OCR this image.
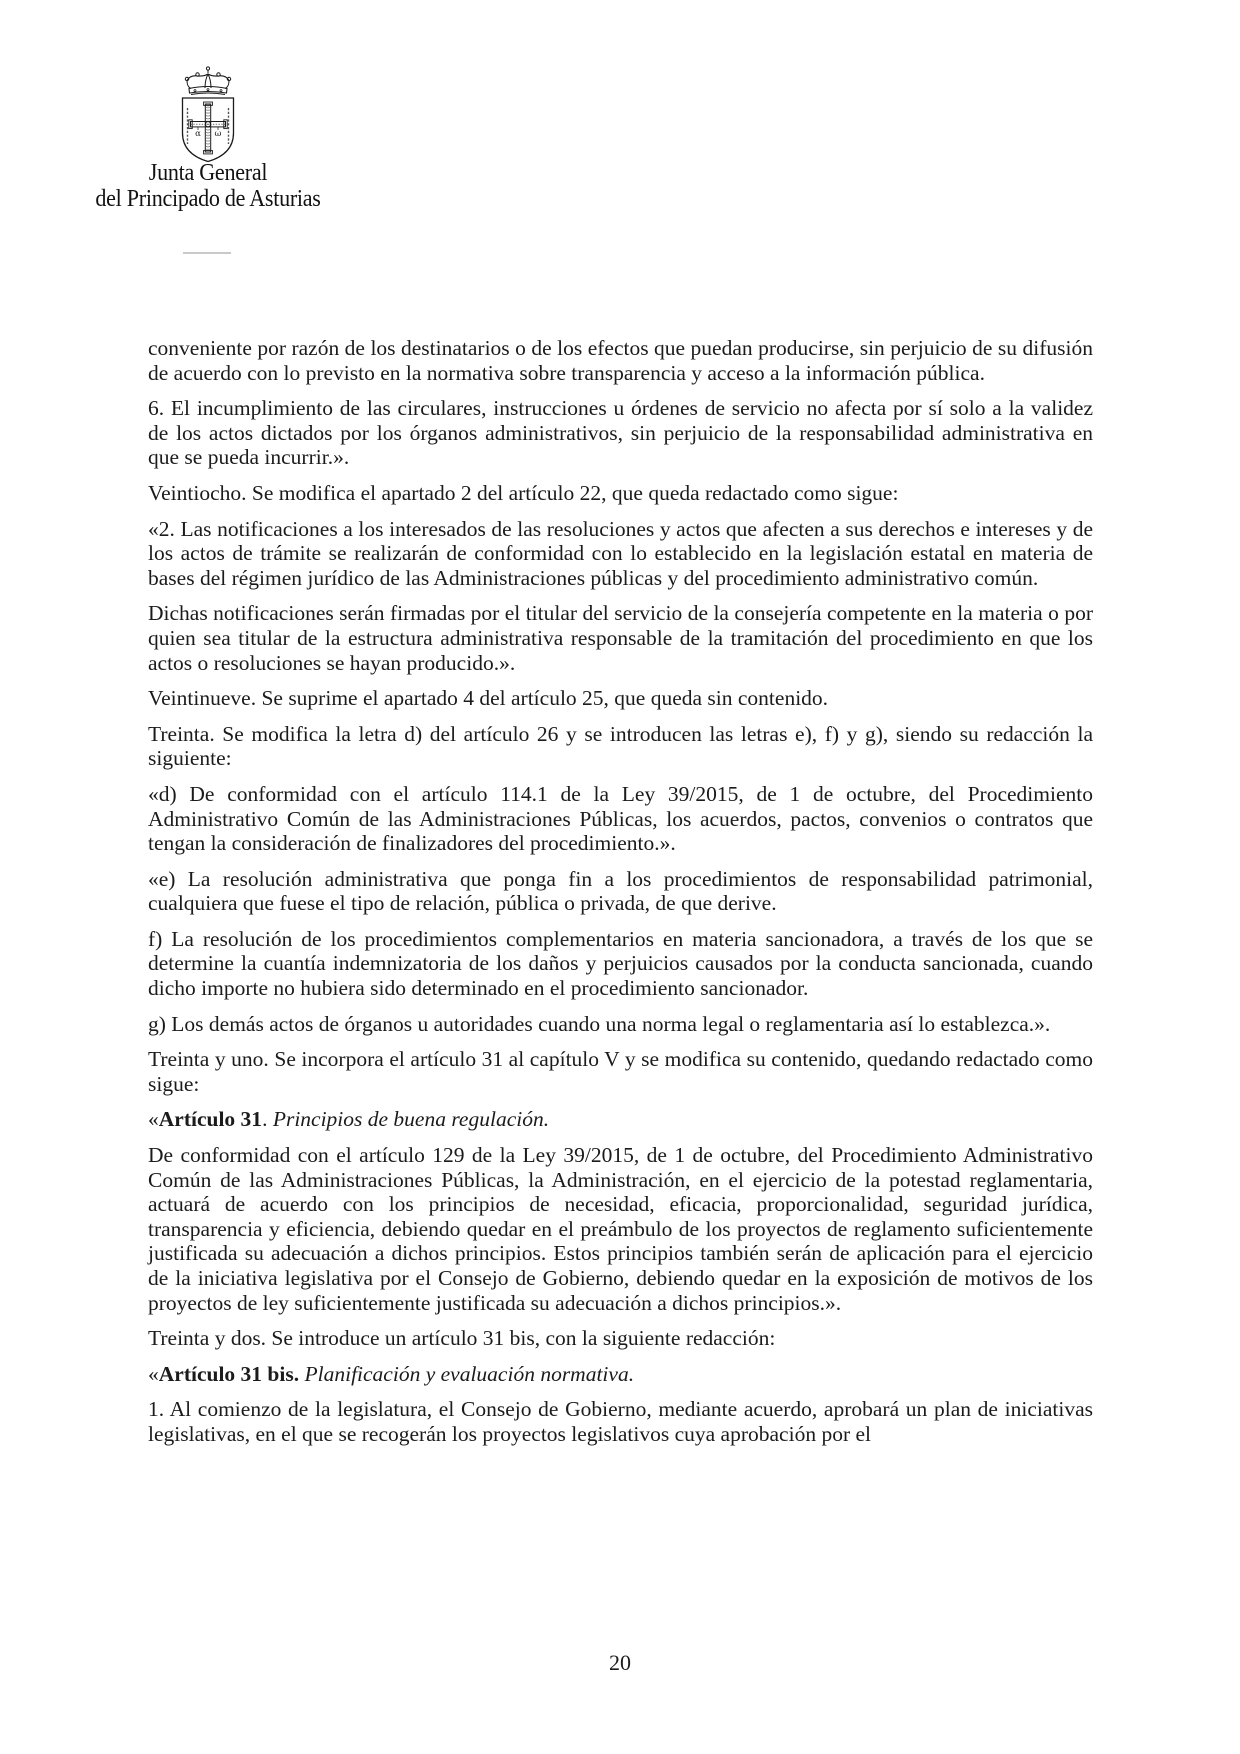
α ω
Junta General
del Principado de Asturias

conveniente por razón de los destinatarios o de los efectos que puedan producirse, sin perjuicio de su difusión de acuerdo con lo previsto en la normativa sobre transparencia y acceso a la información pública.

6. El incumplimiento de las circulares, instrucciones u órdenes de servicio no afecta por sí solo a la validez de los actos dictados por los órganos administrativos, sin perjuicio de la responsabilidad administrativa en que se pueda incurrir.».

Veintiocho. Se modifica el apartado 2 del artículo 22, que queda redactado como sigue:

«2. Las notificaciones a los interesados de las resoluciones y actos que afecten a sus derechos e intereses y de los actos de trámite se realizarán de conformidad con lo establecido en la legislación estatal en materia de bases del régimen jurídico de las Administraciones públicas y del procedimiento administrativo común.

Dichas notificaciones serán firmadas por el titular del servicio de la consejería competente en la materia o por quien sea titular de la estructura administrativa responsable de la tramitación del procedimiento en que los actos o resoluciones se hayan producido.».

Veintinueve. Se suprime el apartado 4 del artículo 25, que queda sin contenido.

Treinta. Se modifica la letra d) del artículo 26 y se introducen las letras e), f) y g), siendo su redacción la siguiente:

«d) De conformidad con el artículo 114.1 de la Ley 39/2015, de 1 de octubre, del Procedimiento Administrativo Común de las Administraciones Públicas, los acuerdos, pactos, convenios o contratos que tengan la consideración de finalizadores del procedimiento.».

«e) La resolución administrativa que ponga fin a los procedimientos de responsabilidad patrimonial, cualquiera que fuese el tipo de relación, pública o privada, de que derive.

f) La resolución de los procedimientos complementarios en materia sancionadora, a través de los que se determine la cuantía indemnizatoria de los daños y perjuicios causados por la conducta sancionada, cuando dicho importe no hubiera sido determinado en el procedimiento sancionador.

g) Los demás actos de órganos u autoridades cuando una norma legal o reglamentaria así lo establezca.».

Treinta y uno. Se incorpora el artículo 31 al capítulo V y se modifica su contenido, quedando redactado como sigue:

«Artículo 31. Principios de buena regulación.

De conformidad con el artículo 129 de la Ley 39/2015, de 1 de octubre, del Procedimiento Administrativo Común de las Administraciones Públicas, la Administración, en el ejercicio de la potestad reglamentaria, actuará de acuerdo con los principios de necesidad, eficacia, proporcionalidad, seguridad jurídica, transparencia y eficiencia, debiendo quedar en el preámbulo de los proyectos de reglamento suficientemente justificada su adecuación a dichos principios. Estos principios también serán de aplicación para el ejercicio de la iniciativa legislativa por el Consejo de Gobierno, debiendo quedar en la exposición de motivos de los proyectos de ley suficientemente justificada su adecuación a dichos principios.».

Treinta y dos. Se introduce un artículo 31 bis, con la siguiente redacción:

«Artículo 31 bis. Planificación y evaluación normativa.

1. Al comienzo de la legislatura, el Consejo de Gobierno, mediante acuerdo, aprobará un plan de iniciativas legislativas, en el que se recogerán los proyectos legislativos cuya aprobación por el

20
